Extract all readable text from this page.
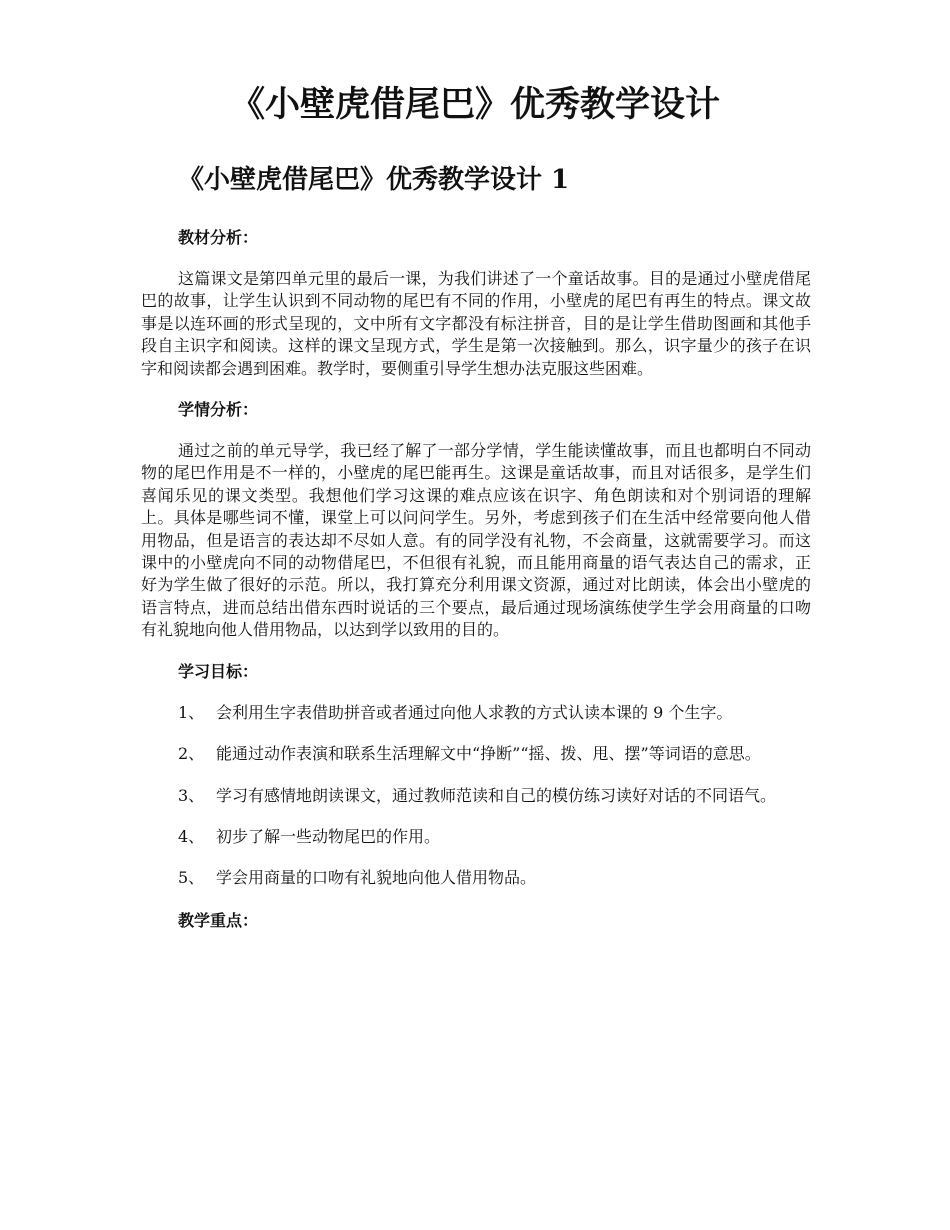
《小壁虎借尾巴》优秀教学设计
《小壁虎借尾巴》优秀教学设计 1

教材分析：

这篇课文是第四单元里的最后一课，为我们讲述了一个童话故事。目的是通过小壁虎借尾巴的故事，让学生认识到不同动物的尾巴有不同的作用，小壁虎的尾巴有再生的特点。课文故事是以连环画的形式呈现的，文中所有文字都没有标注拼音，目的是让学生借助图画和其他手段自主识字和阅读。这样的课文呈现方式，学生是第一次接触到。那么，识字量少的孩子在识字和阅读都会遇到困难。教学时，要侧重引导学生想办法克服这些困难。

学情分析：

通过之前的单元导学，我已经了解了一部分学情，学生能读懂故事，而且也都明白不同动物的尾巴作用是不一样的，小壁虎的尾巴能再生。这课是童话故事，而且对话很多，是学生们喜闻乐见的课文类型。我想他们学习这课的难点应该在识字、角色朗读和对个别词语的理解上。具体是哪些词不懂，课堂上可以问问学生。另外，考虑到孩子们在生活中经常要向他人借用物品，但是语言的表达却不尽如人意。有的同学没有礼物，不会商量，这就需要学习。而这课中的小壁虎向不同的动物借尾巴，不但很有礼貌，而且能用商量的语气表达自己的需求，正好为学生做了很好的示范。所以，我打算充分利用课文资源，通过对比朗读，体会出小壁虎的语言特点，进而总结出借东西时说话的三个要点，最后通过现场演练使学生学会用商量的口吻有礼貌地向他人借用物品，以达到学以致用的目的。

学习目标：

1、 会利用生字表借助拼音或者通过向他人求教的方式认读本课的 9 个生字。

2、 能通过动作表演和联系生活理解文中“挣断”“摇、拨、甩、摆”等词语的意思。

3、 学习有感情地朗读课文，通过教师范读和自己的模仿练习读好对话的不同语气。

4、 初步了解一些动物尾巴的作用。

5、 学会用商量的口吻有礼貌地向他人借用物品。

教学重点：
